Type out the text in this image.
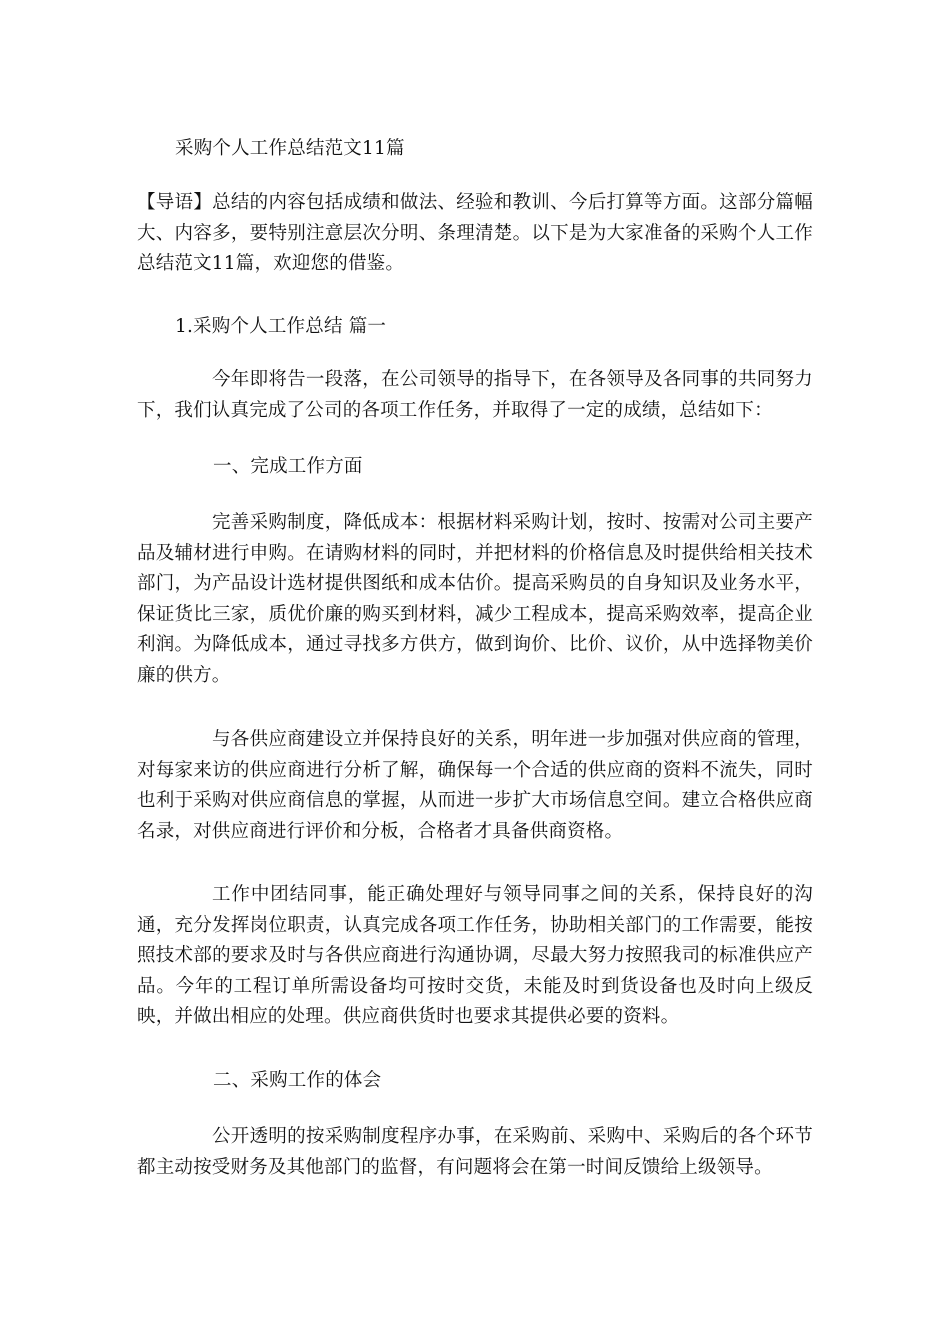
采购个人工作总结范文11篇

【导语】总结的内容包括成绩和做法、经验和教训、今后打算等方面。这部分篇幅大、内容多，要特别注意层次分明、条理清楚。以下是为大家准备的采购个人工作总结范文11篇，欢迎您的借鉴。

1.采购个人工作总结 篇一

今年即将告一段落，在公司领导的指导下，在各领导及各同事的共同努力下，我们认真完成了公司的各项工作任务，并取得了一定的成绩，总结如下：

一、完成工作方面

完善采购制度，降低成本：根据材料采购计划，按时、按需对公司主要产品及辅材进行申购。在请购材料的同时，并把材料的价格信息及时提供给相关技术部门，为产品设计选材提供图纸和成本估价。提高采购员的自身知识及业务水平，保证货比三家，质优价廉的购买到材料，减少工程成本，提高采购效率，提高企业利润。为降低成本，通过寻找多方供方，做到询价、比价、议价，从中选择物美价廉的供方。

与各供应商建设立并保持良好的关系，明年进一步加强对供应商的管理，对每家来访的供应商进行分析了解，确保每一个合适的供应商的资料不流失，同时也利于采购对供应商信息的掌握，从而进一步扩大市场信息空间。建立合格供应商名录，对供应商进行评价和分板，合格者才具备供商资格。

工作中团结同事，能正确处理好与领导同事之间的关系，保持良好的沟通，充分发挥岗位职责，认真完成各项工作任务，协助相关部门的工作需要，能按照技术部的要求及时与各供应商进行沟通协调，尽最大努力按照我司的标准供应产品。今年的工程订单所需设备均可按时交货，未能及时到货设备也及时向上级反映，并做出相应的处理。供应商供货时也要求其提供必要的资料。

二、采购工作的体会

公开透明的按采购制度程序办事，在采购前、采购中、采购后的各个环节都主动按受财务及其他部门的监督，有问题将会在第一时间反馈给上级领导。
